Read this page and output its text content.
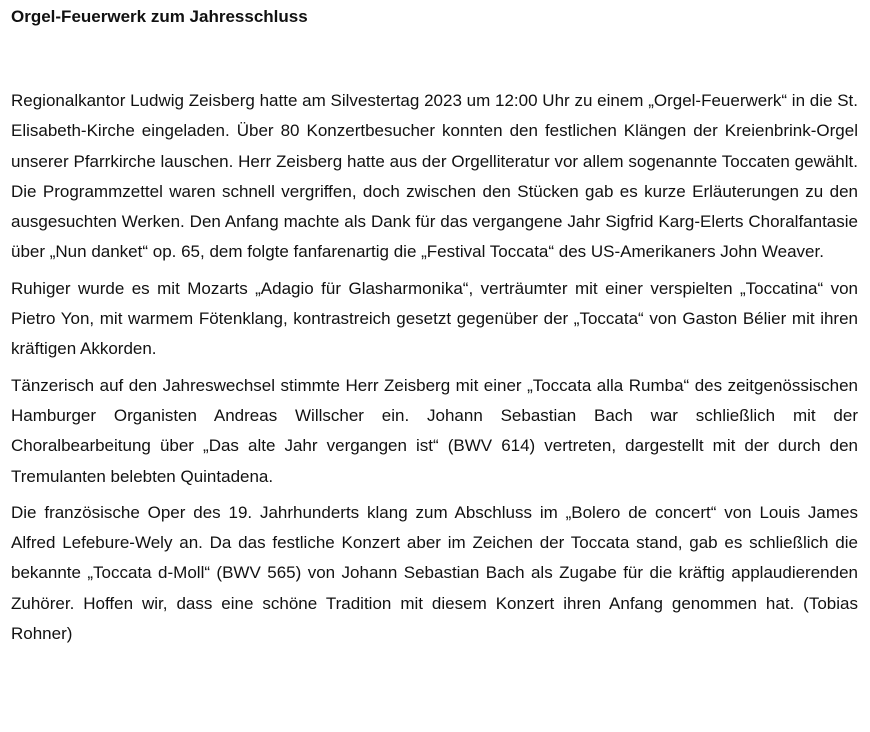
Orgel-Feuerwerk zum Jahresschluss

Regionalkantor Ludwig Zeisberg hatte am Silvestertag 2023 um 12:00 Uhr zu einem „Orgel-Feuerwerk“ in die St. Elisabeth-Kirche eingeladen. Über 80 Konzertbesucher konnten den festlichen Klängen der Kreienbrink-Orgel unserer Pfarrkirche lauschen. Herr Zeisberg hatte aus der Orgelliteratur vor allem sogenannte Toccaten gewählt. Die Programmzettel waren schnell vergriffen, doch zwischen den Stücken gab es kurze Erläuterungen zu den ausgesuchten Werken. Den Anfang machte als Dank für das vergangene Jahr Sigfrid Karg-Elerts Choralfantasie über „Nun danket“ op. 65, dem folgte fanfarenartig die „Festival Toccata“ des US-Amerikaners John Weaver.

Ruhiger wurde es mit Mozarts „Adagio für Glasharmonika“, verträumter mit einer verspielten „Toccatina“ von Pietro Yon, mit warmem Fötenklang, kontrastreich gesetzt gegenüber der „Toccata“ von Gaston Bélier mit ihren kräftigen Akkorden.

Tänzerisch auf den Jahreswechsel stimmte Herr Zeisberg mit einer „Toccata alla Rumba“ des zeitgenössischen Hamburger Organisten Andreas Willscher ein. Johann Sebastian Bach war schließlich mit der Choralbearbeitung über „Das alte Jahr vergangen ist“ (BWV 614) vertreten, dargestellt mit der durch den Tremulanten belebten Quintadena.

Die französische Oper des 19. Jahrhunderts klang zum Abschluss im „Bolero de concert“ von Louis James Alfred Lefebure-Wely an. Da das festliche Konzert aber im Zeichen der Toccata stand, gab es schließlich die bekannte „Toccata d-Moll“ (BWV 565) von Johann Sebastian Bach als Zugabe für die kräftig applaudierenden Zuhörer. Hoffen wir, dass eine schöne Tradition mit diesem Konzert ihren Anfang genommen hat. (Tobias Rohner)
